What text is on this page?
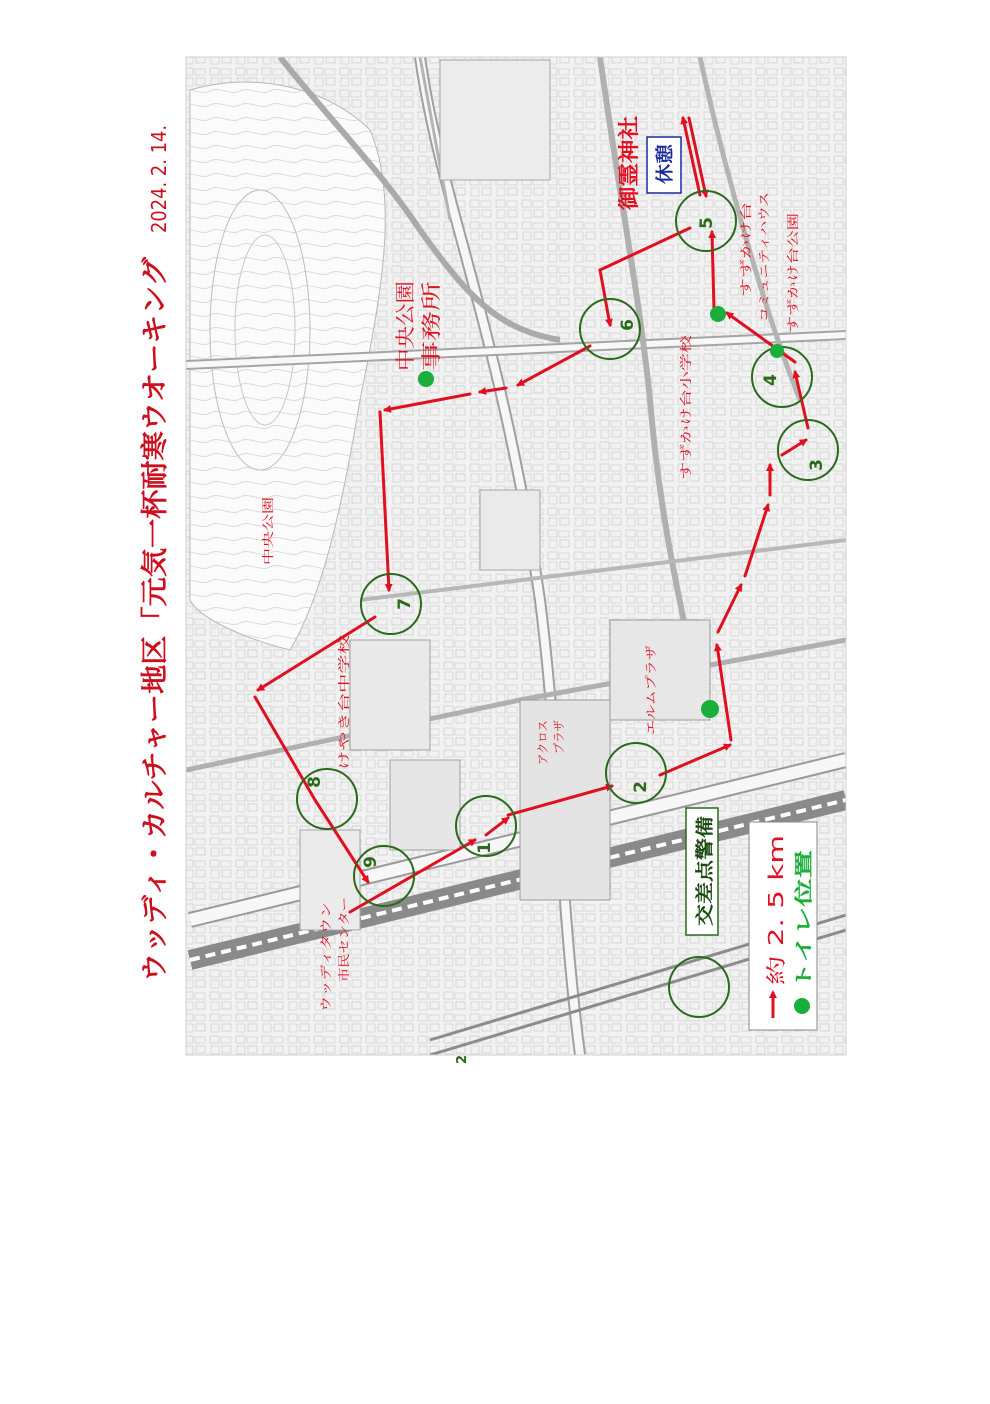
1
2
3
4
5
6
7
8
9
ウッディ・カルチャー地区「元気一杯耐寒ウオーキング
2024. 2. 14.	御霊神社 休憩
中央公園 事務所
すずかけ台 コミュニティハウス すずかけ台公園
すずかけ台小学校
中央公園
けやき台中学校	アクロス プラザ
エルムプラザ
ウッディタウン 市民センター
交差点警備
約 2. 5 km トイレ位置
2
